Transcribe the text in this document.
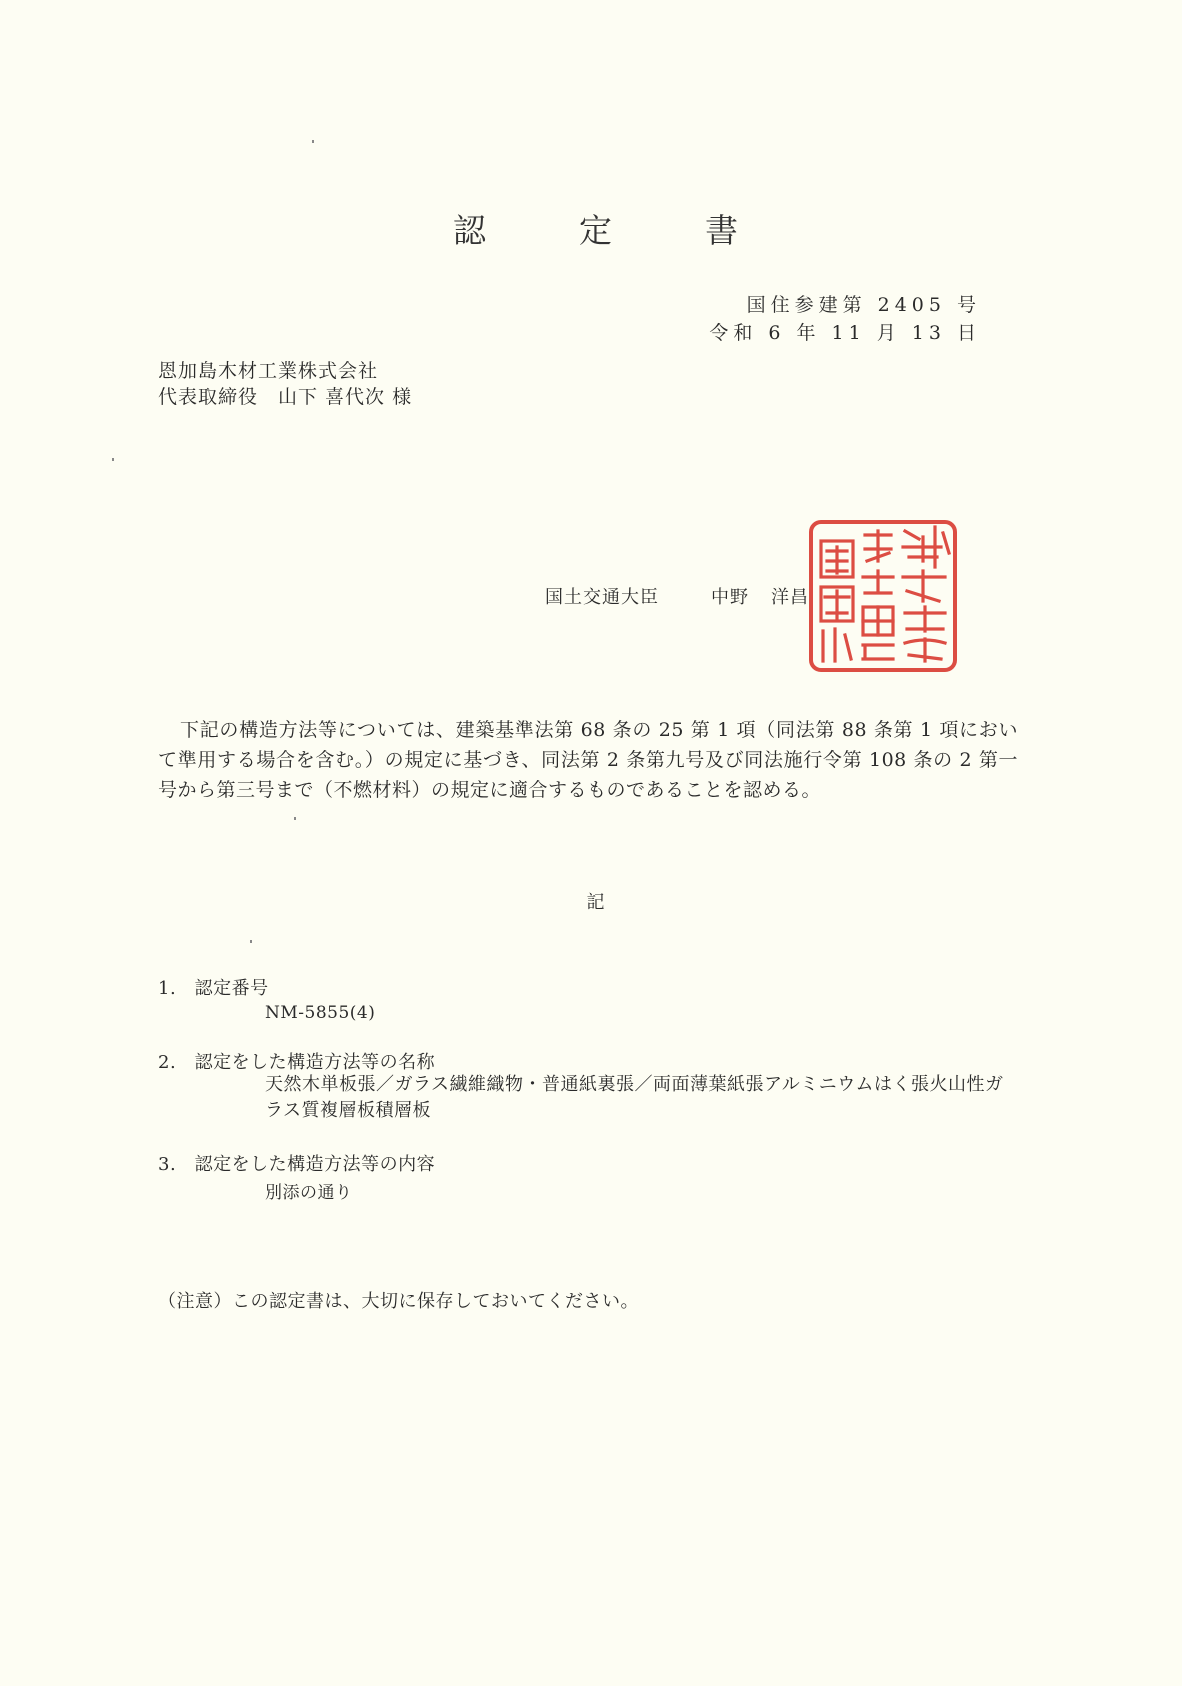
認　定　書
国住参建第 2405 号
令和 6 年 11 月 13 日
恩加島木材工業株式会社
代表取締役　山下 喜代次 様
国土交通大臣	中野 洋昌
下記の構造方法等については、建築基準法第 68 条の 25 第 1 項（同法第 88 条第 1 項において準用する場合を含む。）の規定に基づき、同法第 2 条第九号及び同法施行令第 108 条の 2 第一号から第三号まで（不燃材料）の規定に適合するものであることを認める。
記
1.　認定番号
NM-5855(4)
2.　認定をした構造方法等の名称
天然木単板張／ガラス繊維織物・普通紙裏張／両面薄葉紙張アルミニウムはく張火山性ガラス質複層板積層板
3.　認定をした構造方法等の内容
別添の通り
（注意）この認定書は、大切に保存しておいてください。
